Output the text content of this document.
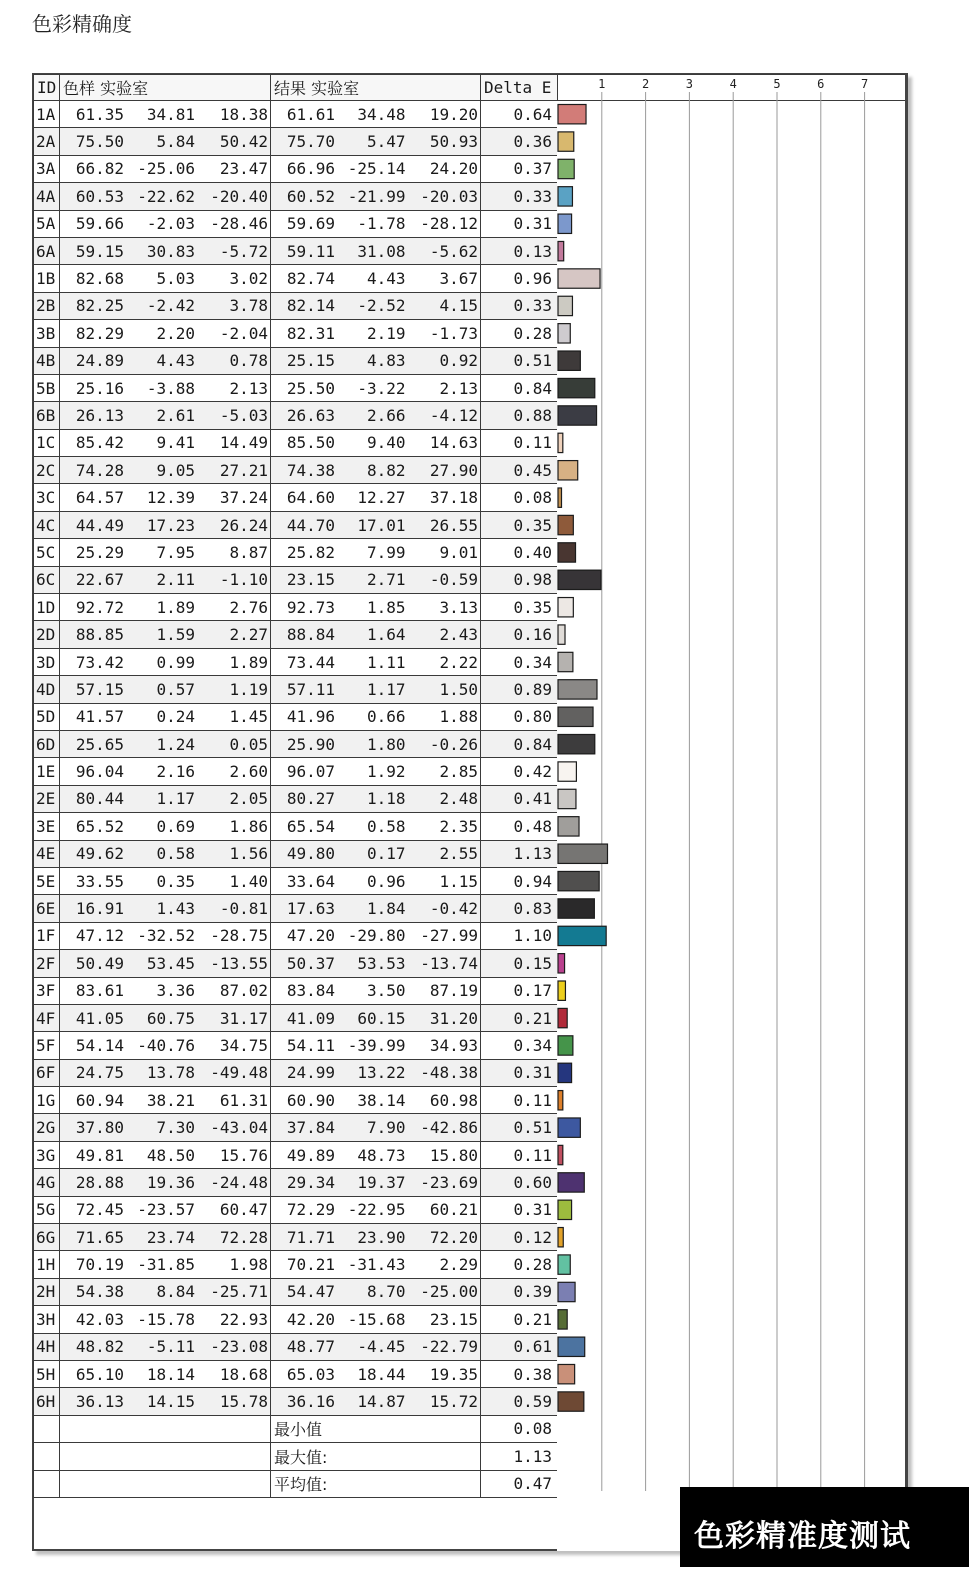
色彩精确度
ID	色样 实验室	结果 实验室	Delta E
1A	61.35 34.81 18.38	61.61 34.48 19.20	0.64
2A	75.50 5.84 50.42	75.70 5.47 50.93	0.36
3A	66.82 -25.06 23.47	66.96 -25.14 24.20	0.37
4A	60.53 -22.62 -20.40	60.52 -21.99 -20.03	0.33
5A	59.66 -2.03 -28.46	59.69 -1.78 -28.12	0.31
6A	59.15 30.83 -5.72	59.11 31.08 -5.62	0.13
1B	82.68 5.03 3.02	82.74 4.43 3.67	0.96
2B	82.25 -2.42 3.78	82.14 -2.52 4.15	0.33
3B	82.29 2.20 -2.04	82.31 2.19 -1.73	0.28
4B	24.89 4.43 0.78	25.15 4.83 0.92	0.51
5B	25.16 -3.88 2.13	25.50 -3.22 2.13	0.84
6B	26.13 2.61 -5.03	26.63 2.66 -4.12	0.88
1C	85.42 9.41 14.49	85.50 9.40 14.63	0.11
2C	74.28 9.05 27.21	74.38 8.82 27.90	0.45
3C	64.57 12.39 37.24	64.60 12.27 37.18	0.08
4C	44.49 17.23 26.24	44.70 17.01 26.55	0.35
5C	25.29 7.95 8.87	25.82 7.99 9.01	0.40
6C	22.67 2.11 -1.10	23.15 2.71 -0.59	0.98
1D	92.72 1.89 2.76	92.73 1.85 3.13	0.35
2D	88.85 1.59 2.27	88.84 1.64 2.43	0.16
3D	73.42 0.99 1.89	73.44 1.11 2.22	0.34
4D	57.15 0.57 1.19	57.11 1.17 1.50	0.89
5D	41.57 0.24 1.45	41.96 0.66 1.88	0.80
6D	25.65 1.24 0.05	25.90 1.80 -0.26	0.84
1E	96.04 2.16 2.60	96.07 1.92 2.85	0.42
2E	80.44 1.17 2.05	80.27 1.18 2.48	0.41
3E	65.52 0.69 1.86	65.54 0.58 2.35	0.48
4E	49.62 0.58 1.56	49.80 0.17 2.55	1.13
5E	33.55 0.35 1.40	33.64 0.96 1.15	0.94
6E	16.91 1.43 -0.81	17.63 1.84 -0.42	0.83
1F	47.12 -32.52 -28.75	47.20 -29.80 -27.99	1.10
2F	50.49 53.45 -13.55	50.37 53.53 -13.74	0.15
3F	83.61 3.36 87.02	83.84 3.50 87.19	0.17
4F	41.05 60.75 31.17	41.09 60.15 31.20	0.21
5F	54.14 -40.76 34.75	54.11 -39.99 34.93	0.34
6F	24.75 13.78 -49.48	24.99 13.22 -48.38	0.31
1G	60.94 38.21 61.31	60.90 38.14 60.98	0.11
2G	37.80 7.30 -43.04	37.84 7.90 -42.86	0.51
3G	49.81 48.50 15.76	49.89 48.73 15.80	0.11
4G	28.88 19.36 -24.48	29.34 19.37 -23.69	0.60
5G	72.45 -23.57 60.47	72.29 -22.95 60.21	0.31
6G	71.65 23.74 72.28	71.71 23.90 72.20	0.12
1H	70.19 -31.85 1.98	70.21 -31.43 2.29	0.28
2H	54.38 8.84 -25.71	54.47 8.70 -25.00	0.39
3H	42.03 -15.78 22.93	42.20 -15.68 23.15	0.21
4H	48.82 -5.11 -23.08	48.77 -4.45 -22.79	0.61
5H	65.10 18.14 18.68	65.03 18.44 19.35	0.38
6H	36.13 14.15 15.78	36.16 14.87 15.72	0.59
		最小值	0.08
		最大值:	1.13
		平均值:	0.47
1	2	3	4	5	6	7
色彩精准度测试
